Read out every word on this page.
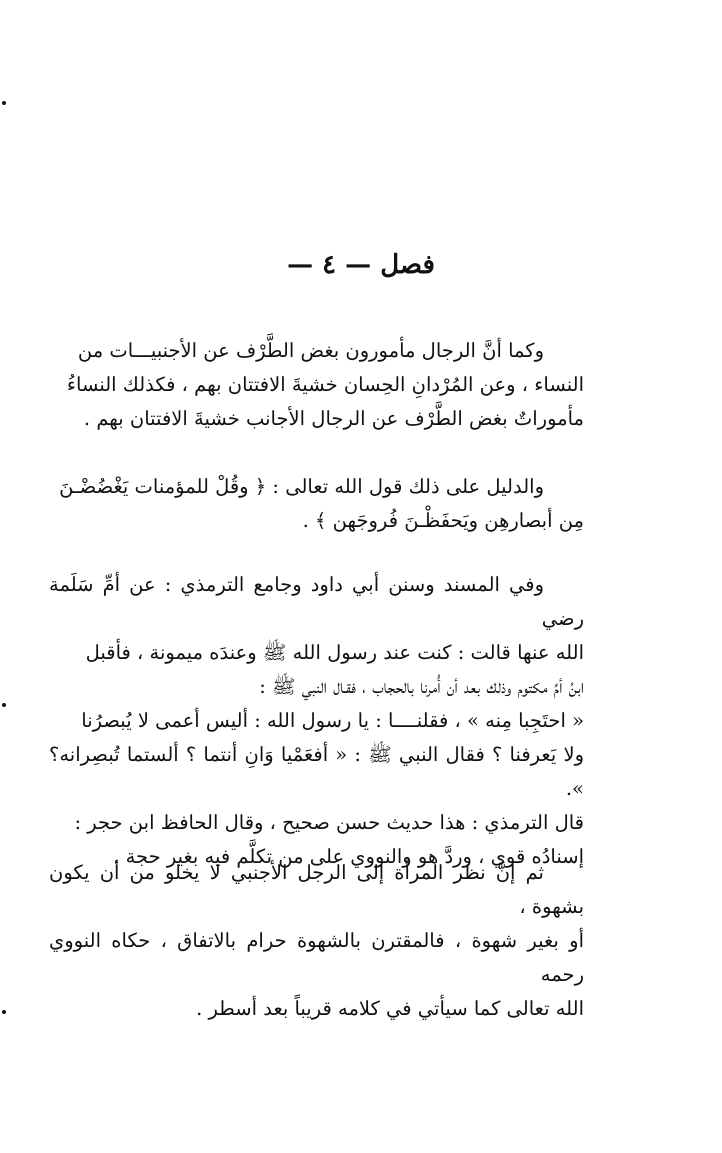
فصل — ٤ —

وكما أنَّ الرجال مأمورون بغض الطَّرْف عن الأجنبيـــات من

النساء ، وعن المُرْدانِ الحِسان خشيةَ الافتتان بهم ، فكذلك النساءُ

مأموراتٌ بغض الطَّرْف عن الرجال الأجانب خشيةَ الافتتان بهم .

والدليل على ذلك قول الله تعالى : ﴿ وقُلْ للمؤمنات يَغْضُضْـنَ

مِن أبصارهِن ويَحفَظْـنَ فُروجَهن ﴾ .

وفي المسند وسنن أبي داود وجامع الترمذي : عن أمِّ سَلَمة رضي

الله عنها قالت : كنت عند رسول الله ﷺ وعندَه ميمونة ، فأقبل

ابنُ أمِّ مكتوم وذلك بعد أن أُمرنا بالحجاب ، فقـال النبي ﷺ :

« احتَجِبا مِنه » ، فقلنــــا : يا رسول الله : أليس أعمى لا يُبصرُنا

ولا يَعرفنا ؟ فقال النبي ﷺ : « أفعَمْيا وَانِ أنتما ؟ ألستما تُبصِرانه؟ ».

قال الترمذي : هذا حديث حسن صحيح ، وقال الحافظ ابن حجر :

إسنادُه قوي ، وردَّ هو والنووي على من تكلَّم فيه بغير حجة .

ثم إنَّ نظر المرأة إلى الرجل الأجنبي لا يخلو من أن يكون بشهوة ،

أو بغير شهوة ، فالمقترن بالشهوة حرام بالاتفاق ، حكاه النووي رحمه

الله تعالى كما سيأتي في كلامه قريباً بعد أسطر .
